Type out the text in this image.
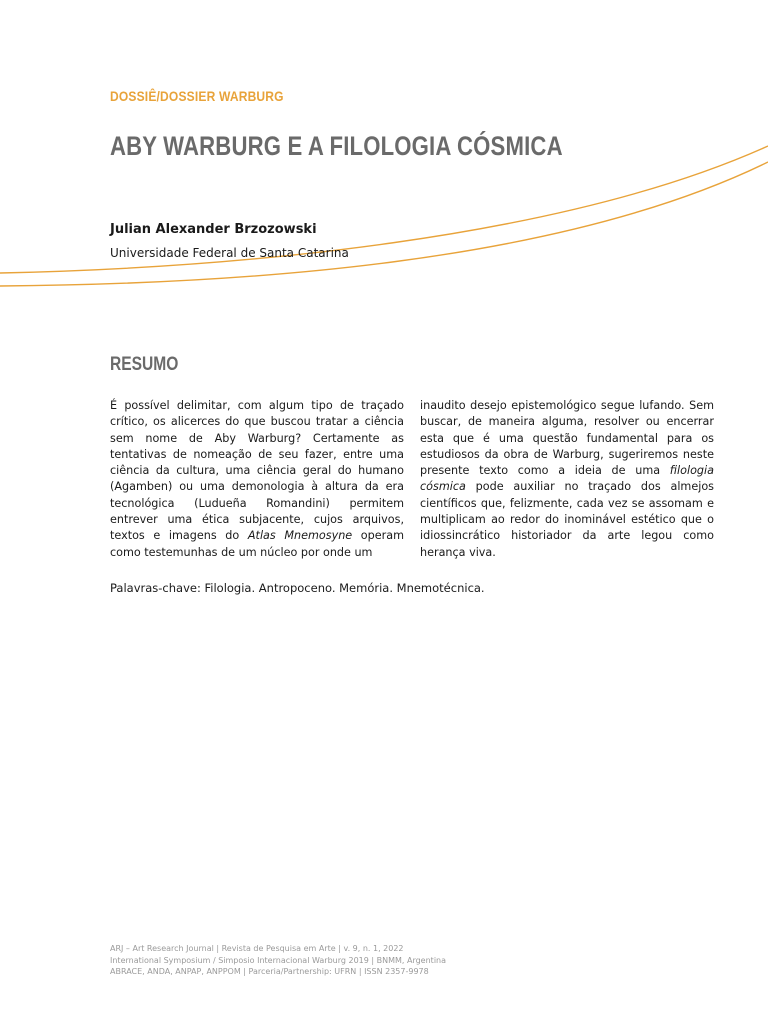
DOSSIÊ/DOSSIER WARBURG
ABY WARBURG E A FILOLOGIA CÓSMICA
Julian Alexander Brzozowski
Universidade Federal de Santa Catarina
RESUMO

É possível delimitar, com algum tipo de traçado crítico, os alicerces do que buscou tratar a ciência sem nome de Aby Warburg? Certamente as tentativas de nomeação de seu fazer, entre uma ciência da cultura, uma ciência geral do humano (Agamben) ou uma demonologia à altura da era tecnológica (Ludueña Romandini) permitem entrever uma ética subjacente, cujos arquivos, textos e imagens do Atlas Mnemosyne operam como testemunhas de um núcleo por onde um

inaudito desejo epistemológico segue lufando. Sem buscar, de maneira alguma, resolver ou encerrar esta que é uma questão fundamental para os estudiosos da obra de Warburg, sugeriremos neste presente texto como a ideia de uma filologia cósmica pode auxiliar no traçado dos almejos científicos que, felizmente, cada vez se assomam e multiplicam ao redor do inominável estético que o idiossincrático historiador da arte legou como herança viva.

Palavras-chave: Filologia. Antropoceno. Memória. Mnemotécnica.
ARJ – Art Research Journal | Revista de Pesquisa em Arte | v. 9, n. 1, 2022
International Symposium / Simposio Internacional Warburg 2019 | BNMM, Argentina
ABRACE, ANDA, ANPAP, ANPPOM | Parceria/Partnership: UFRN | ISSN 2357-9978
